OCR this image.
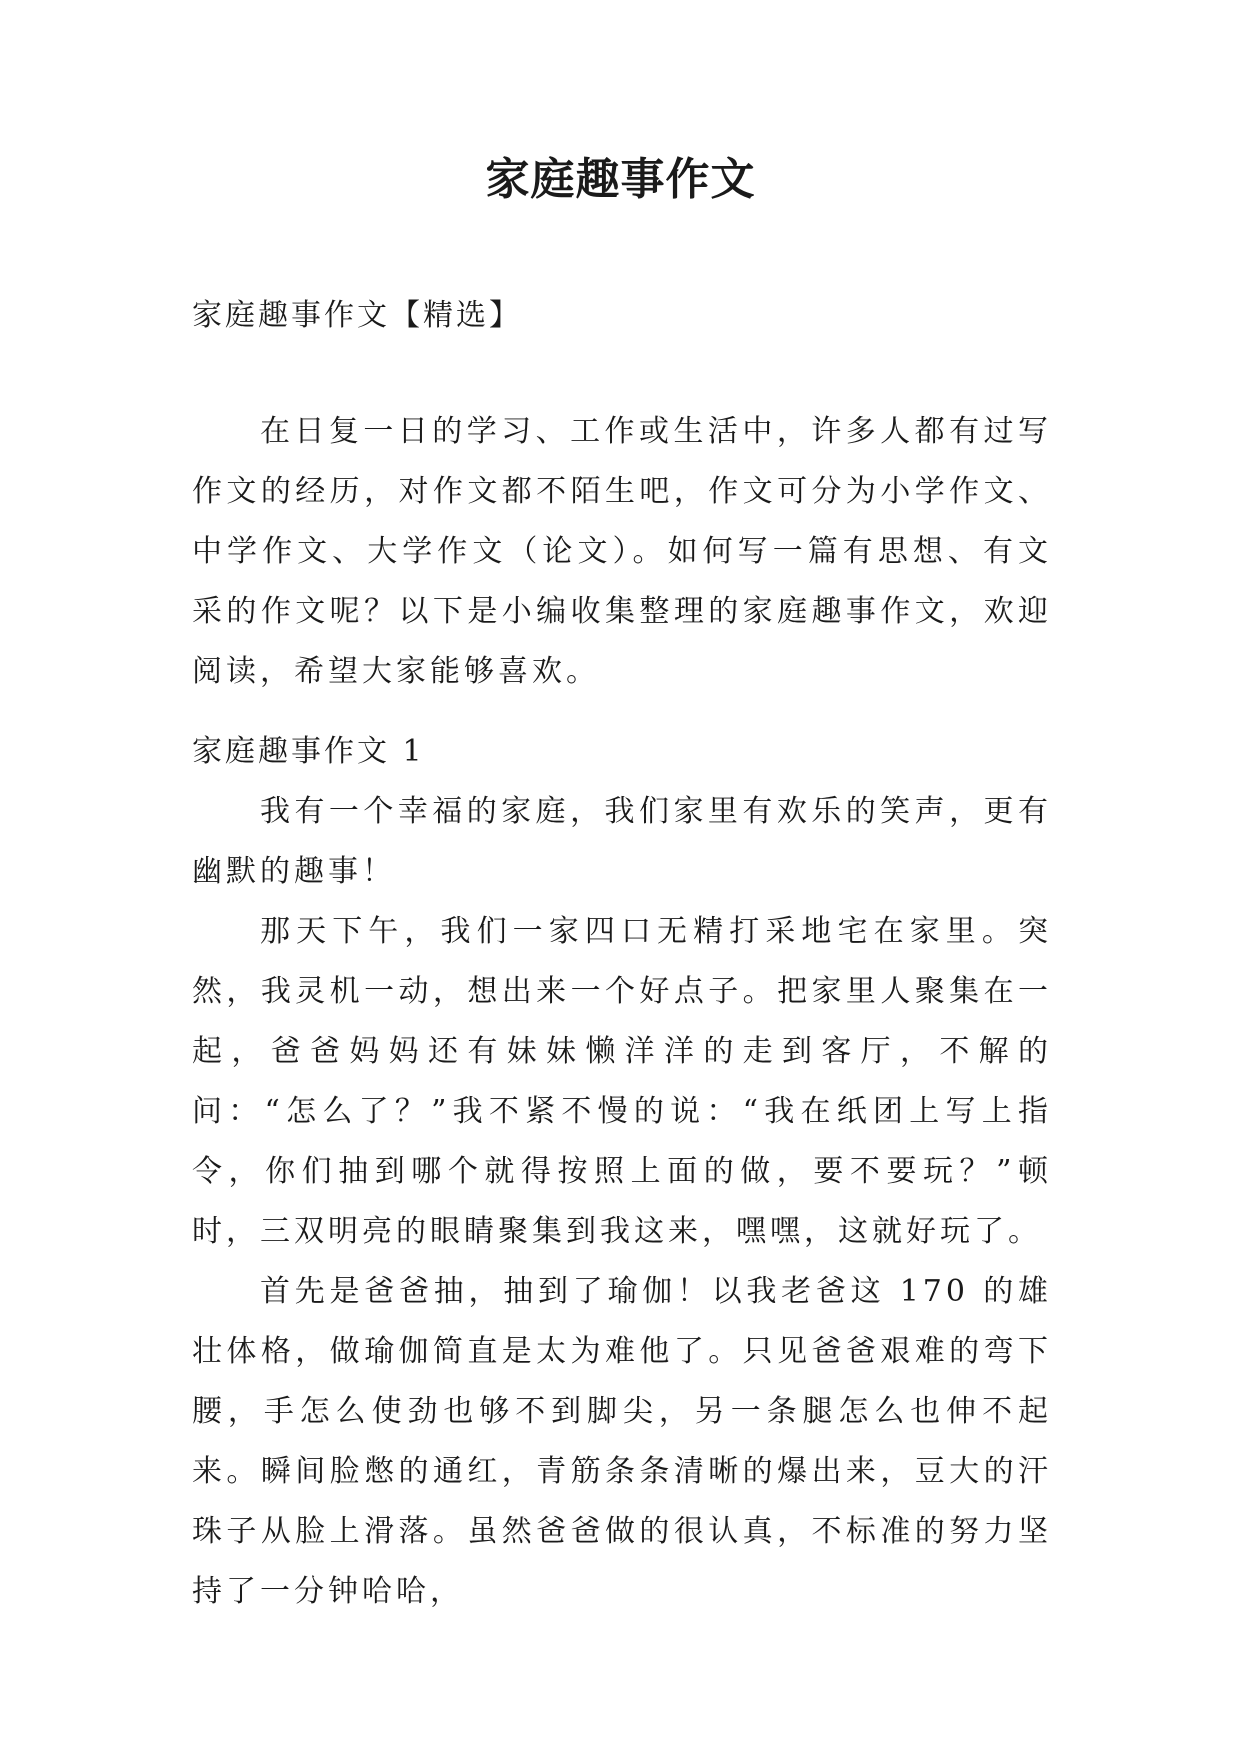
家庭趣事作文
家庭趣事作文【精选】

在日复一日的学习、工作或生活中，许多人都有过写作文的经历，对作文都不陌生吧，作文可分为小学作文、中学作文、大学作文（论文）。如何写一篇有思想、有文采的作文呢？以下是小编收集整理的家庭趣事作文，欢迎阅读，希望大家能够喜欢。

家庭趣事作文 1

我有一个幸福的家庭，我们家里有欢乐的笑声，更有幽默的趣事！

那天下午，我们一家四口无精打采地宅在家里。突然，我灵机一动，想出来一个好点子。把家里人聚集在一起，爸爸妈妈还有妹妹懒洋洋的走到客厅，不解的问：“怎么了？”我不紧不慢的说：“我在纸团上写上指令，你们抽到哪个就得按照上面的做，要不要玩？”顿时，三双明亮的眼睛聚集到我这来，嘿嘿，这就好玩了。

首先是爸爸抽，抽到了瑜伽！以我老爸这 170 的雄壮体格，做瑜伽简直是太为难他了。只见爸爸艰难的弯下腰，手怎么使劲也够不到脚尖，另一条腿怎么也伸不起来。瞬间脸憋的通红，青筋条条清晰的爆出来，豆大的汗珠子从脸上滑落。虽然爸爸做的很认真，不标准的努力坚持了一分钟哈哈，
